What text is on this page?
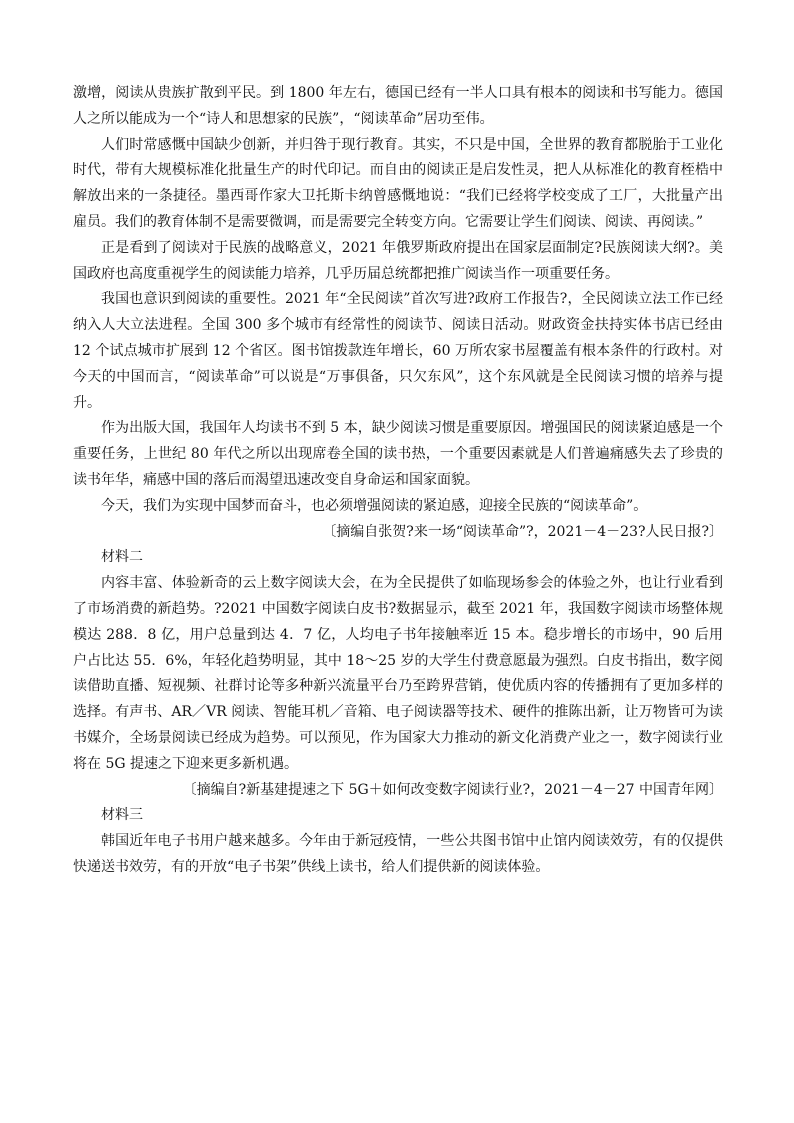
激增，阅读从贵族扩散到平民。到 1800 年左右，德国已经有一半人口具有根本的阅读和书写能力。德国人之所以能成为一个“诗人和思想家的民族”，“阅读革命”居功至伟。

人们时常感慨中国缺少创新，并归咎于现行教育。其实，不只是中国，全世界的教育都脱胎于工业化时代，带有大规模标准化批量生产的时代印记。而自由的阅读正是启发性灵，把人从标准化的教育桎梏中解放出来的一条捷径。墨西哥作家大卫托斯卡纳曾感慨地说：“我们已经将学校变成了工厂，大批量产出雇员。我们的教育体制不是需要微调，而是需要完全转变方向。它需要让学生们阅读、阅读、再阅读。”

正是看到了阅读对于民族的战略意义，2021 年俄罗斯政府提出在国家层面制定?民族阅读大纲?。美国政府也高度重视学生的阅读能力培养，几乎历届总统都把推广阅读当作一项重要任务。

我国也意识到阅读的重要性。2021 年“全民阅读”首次写进?政府工作报告?，全民阅读立法工作已经纳入人大立法进程。全国 300 多个城市有经常性的阅读节、阅读日活动。财政资金扶持实体书店已经由 12 个试点城市扩展到 12 个省区。图书馆拨款连年增长，60 万所农家书屋覆盖有根本条件的行政村。对今天的中国而言，“阅读革命”可以说是“万事俱备，只欠东风”，这个东风就是全民阅读习惯的培养与提升。

作为出版大国，我国年人均读书不到 5 本，缺少阅读习惯是重要原因。增强国民的阅读紧迫感是一个重要任务，上世纪 80 年代之所以出现席卷全国的读书热，一个重要因素就是人们普遍痛感失去了珍贵的读书年华，痛感中国的落后而渴望迅速改变自身命运和国家面貌。

今天，我们为实现中国梦而奋斗，也必须增强阅读的紧迫感，迎接全民族的“阅读革命”。

〔摘编自张贺?来一场“阅读革命”?，2021－4－23?人民日报?〕

材料二

内容丰富、体验新奇的云上数字阅读大会，在为全民提供了如临现场参会的体验之外，也让行业看到了市场消费的新趋势。?2021 中国数字阅读白皮书?数据显示，截至 2021 年，我国数字阅读市场整体规模达 288．8 亿，用户总量到达 4．7 亿，人均电子书年接触率近 15 本。稳步增长的市场中，90 后用户占比达 55．6%，年轻化趋势明显，其中 18～25 岁的大学生付费意愿最为强烈。白皮书指出，数字阅读借助直播、短视频、社群讨论等多种新兴流量平台乃至跨界营销，使优质内容的传播拥有了更加多样的选择。有声书、AR／VR 阅读、智能耳机／音箱、电子阅读器等技术、硬件的推陈出新，让万物皆可为读书媒介，全场景阅读已经成为趋势。可以预见，作为国家大力推动的新文化消费产业之一，数字阅读行业将在 5G 提速之下迎来更多新机遇。

〔摘编自?新基建提速之下 5G＋如何改变数字阅读行业?，2021－4－27 中国青年网〕

材料三

韩国近年电子书用户越来越多。今年由于新冠疫情，一些公共图书馆中止馆内阅读效劳，有的仅提供快递送书效劳，有的开放“电子书架”供线上读书，给人们提供新的阅读体验。
